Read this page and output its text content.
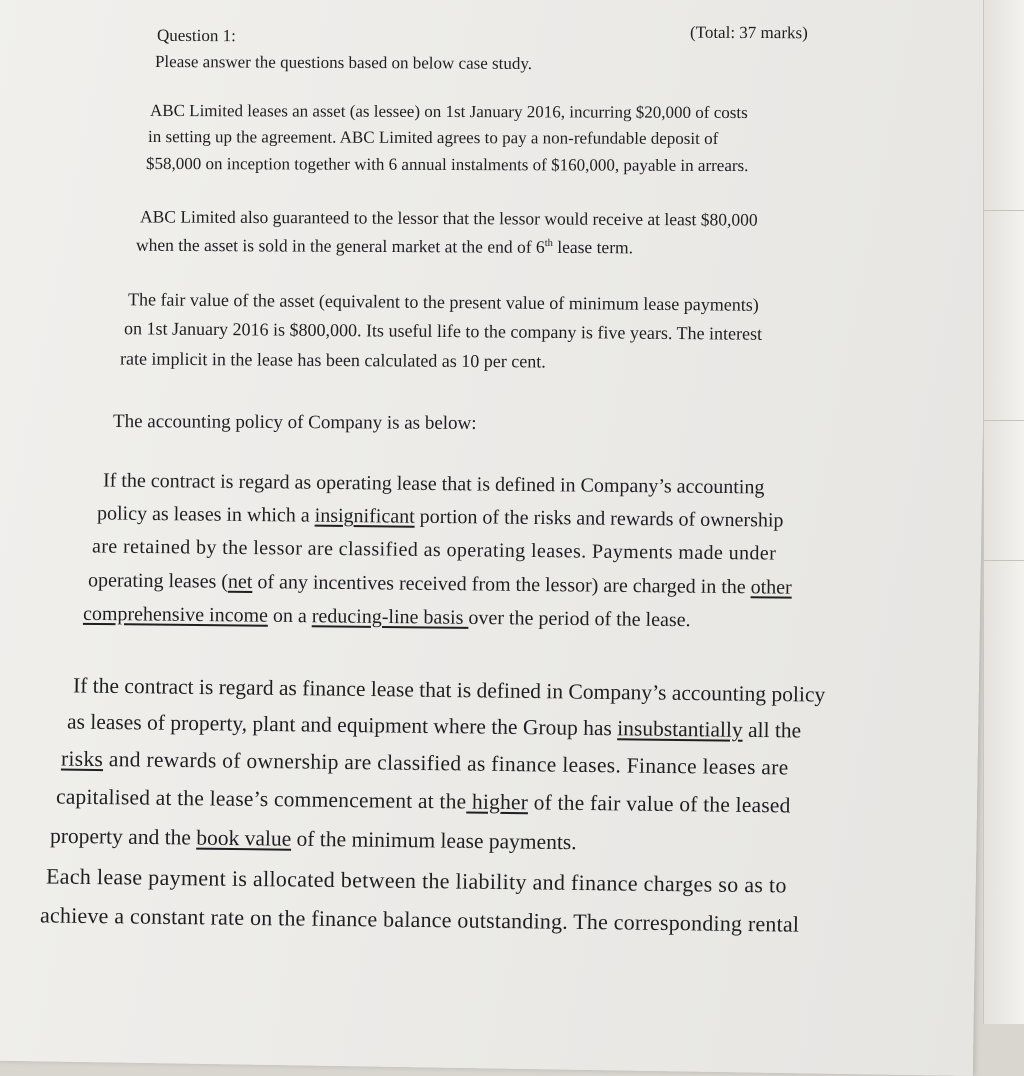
Question 1:	(Total: 37 marks)
Please answer the questions based on below case study.
ABC Limited leases an asset (as lessee) on 1st January 2016, incurring $20,000 of costs
in setting up the agreement. ABC Limited agrees to pay a non-refundable deposit of
$58,000 on inception together with 6 annual instalments of $160,000, payable in arrears.
ABC Limited also guaranteed to the lessor that the lessor would receive at least $80,000
when the asset is sold in the general market at the end of 6th lease term.
The fair value of the asset (equivalent to the present value of minimum lease payments)
on 1st January 2016 is $800,000. Its useful life to the company is five years. The interest
rate implicit in the lease has been calculated as 10 per cent.
The accounting policy of Company is as below:
If the contract is regard as operating lease that is defined in Company’s accounting
policy as leases in which a insignificant portion of the risks and rewards of ownership
are retained by the lessor are classified as operating leases. Payments made under
operating leases (net of any incentives received from the lessor) are charged in the other
comprehensive income on a reducing-line basis over the period of the lease.
If the contract is regard as finance lease that is defined in Company’s accounting policy
as leases of property, plant and equipment where the Group has insubstantially all the
risks and rewards of ownership are classified as finance leases. Finance leases are
capitalised at the lease’s commencement at the higher of the fair value of the leased
property and the book value of the minimum lease payments.
Each lease payment is allocated between the liability and finance charges so as to
achieve a constant rate on the finance balance outstanding. The corresponding rental
